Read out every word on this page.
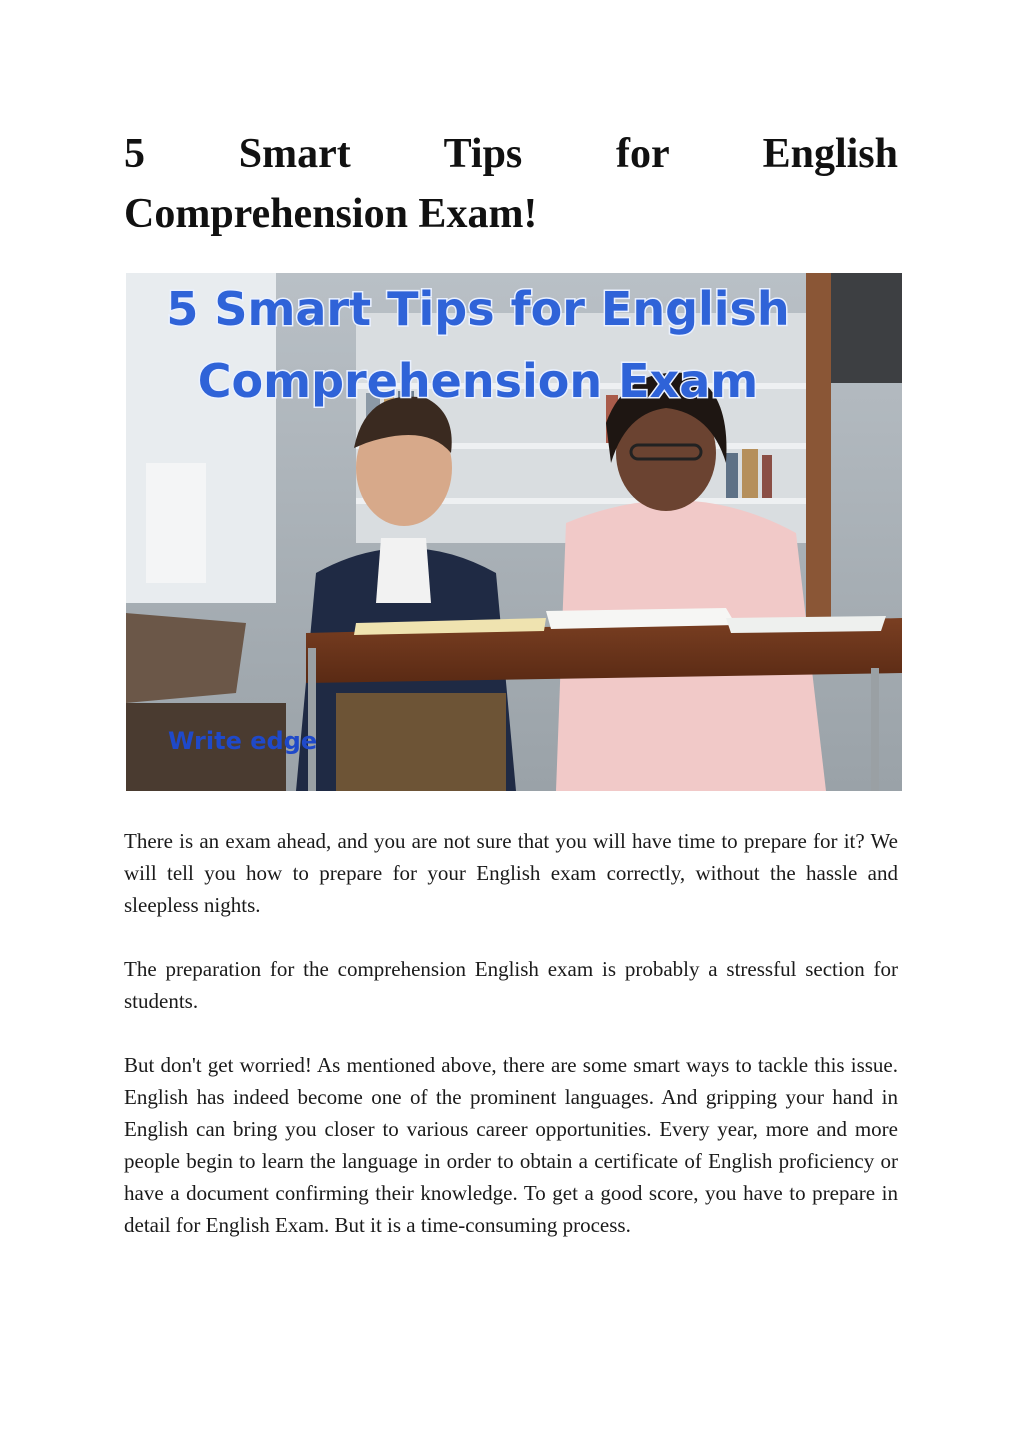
5 Smart Tips for English
Comprehension Exam!
5 Smart Tips for English
Comprehension Exam
Write edge

There is an exam ahead, and you are not sure that you will have time to prepare for it? We will tell you how to prepare for your English exam correctly, without the hassle and sleepless nights.

The preparation for the comprehension English exam is probably a stressful section for students.

But don't get worried! As mentioned above, there are some smart ways to tackle this issue. English has indeed become one of the prominent languages. And gripping your hand in English can bring you closer to various career opportunities. Every year, more and more people begin to learn the language in order to obtain a certificate of English proficiency or have a document confirming their knowledge. To get a good score, you have to prepare in detail for English Exam. But it is a time-consuming process.
